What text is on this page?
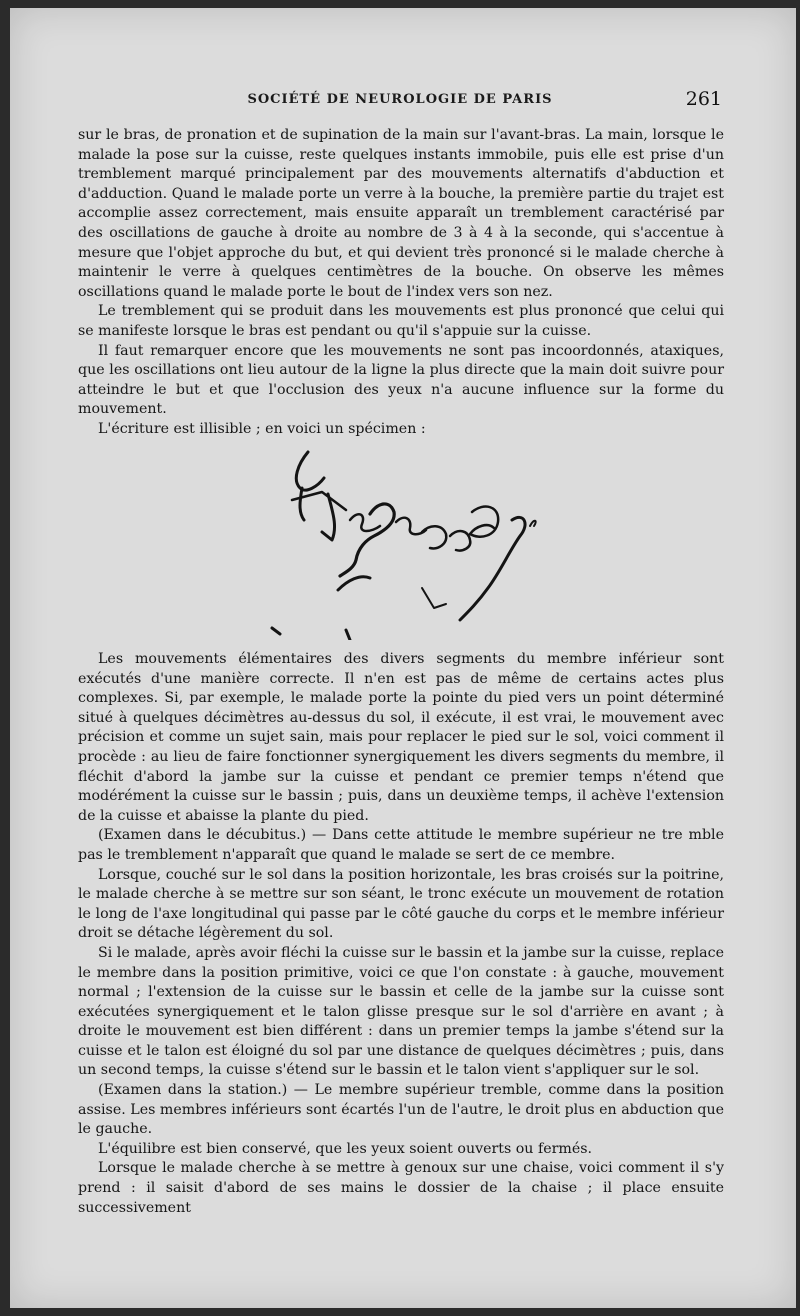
SOCIÉTÉ DE NEUROLOGIE DE PARIS	261

sur le bras, de pronation et de supination de la main sur l'avant-bras. La main, lorsque le malade la pose sur la cuisse, reste quelques instants immobile, puis elle est prise d'un tremblement marqué principalement par des mouvements alternatifs d'abduction et d'adduction. Quand le malade porte un verre à la bouche, la première partie du trajet est accomplie assez correctement, mais ensuite apparaît un tremblement caractérisé par des oscillations de gauche à droite au nombre de 3 à 4 à la seconde, qui s'accentue à mesure que l'objet approche du but, et qui devient très prononcé si le malade cherche à maintenir le verre à quelques centimètres de la bouche. On observe les mêmes oscillations quand le malade porte le bout de l'index vers son nez.

Le tremblement qui se produit dans les mouvements est plus prononcé que celui qui se manifeste lorsque le bras est pendant ou qu'il s'appuie sur la cuisse.

Il faut remarquer encore que les mouvements ne sont pas incoordonnés, ataxiques, que les oscillations ont lieu autour de la ligne la plus directe que la main doit suivre pour atteindre le but et que l'occlusion des yeux n'a aucune influence sur la forme du mouvement.

L'écriture est illisible ; en voici un spécimen :

Les mouvements élémentaires des divers segments du membre inférieur sont exécutés d'une manière correcte. Il n'en est pas de même de certains actes plus complexes. Si, par exemple, le malade porte la pointe du pied vers un point déterminé situé à quelques décimètres au-dessus du sol, il exécute, il est vrai, le mouvement avec précision et comme un sujet sain, mais pour replacer le pied sur le sol, voici comment il procède : au lieu de faire fonctionner synergiquement les divers segments du membre, il fléchit d'abord la jambe sur la cuisse et pendant ce premier temps n'étend que modérément la cuisse sur le bassin ; puis, dans un deuxième temps, il achève l'extension de la cuisse et abaisse la plante du pied.

(Examen dans le décubitus.) — Dans cette attitude le membre supérieur ne tre mble pas le tremblement n'apparaît que quand le malade se sert de ce membre.

Lorsque, couché sur le sol dans la position horizontale, les bras croisés sur la poitrine, le malade cherche à se mettre sur son séant, le tronc exécute un mouvement de rotation le long de l'axe longitudinal qui passe par le côté gauche du corps et le membre inférieur droit se détache légèrement du sol.

Si le malade, après avoir fléchi la cuisse sur le bassin et la jambe sur la cuisse, replace le membre dans la position primitive, voici ce que l'on constate : à gauche, mouvement normal ; l'extension de la cuisse sur le bassin et celle de la jambe sur la cuisse sont exécutées synergiquement et le talon glisse presque sur le sol d'arrière en avant ; à droite le mouvement est bien différent : dans un premier temps la jambe s'étend sur la cuisse et le talon est éloigné du sol par une distance de quelques décimètres ; puis, dans un second temps, la cuisse s'étend sur le bassin et le talon vient s'appliquer sur le sol.

(Examen dans la station.) — Le membre supérieur tremble, comme dans la position assise. Les membres inférieurs sont écartés l'un de l'autre, le droit plus en abduction que le gauche.

L'équilibre est bien conservé, que les yeux soient ouverts ou fermés.

Lorsque le malade cherche à se mettre à genoux sur une chaise, voici comment il s'y prend : il saisit d'abord de ses mains le dossier de la chaise ; il place ensuite successivement
